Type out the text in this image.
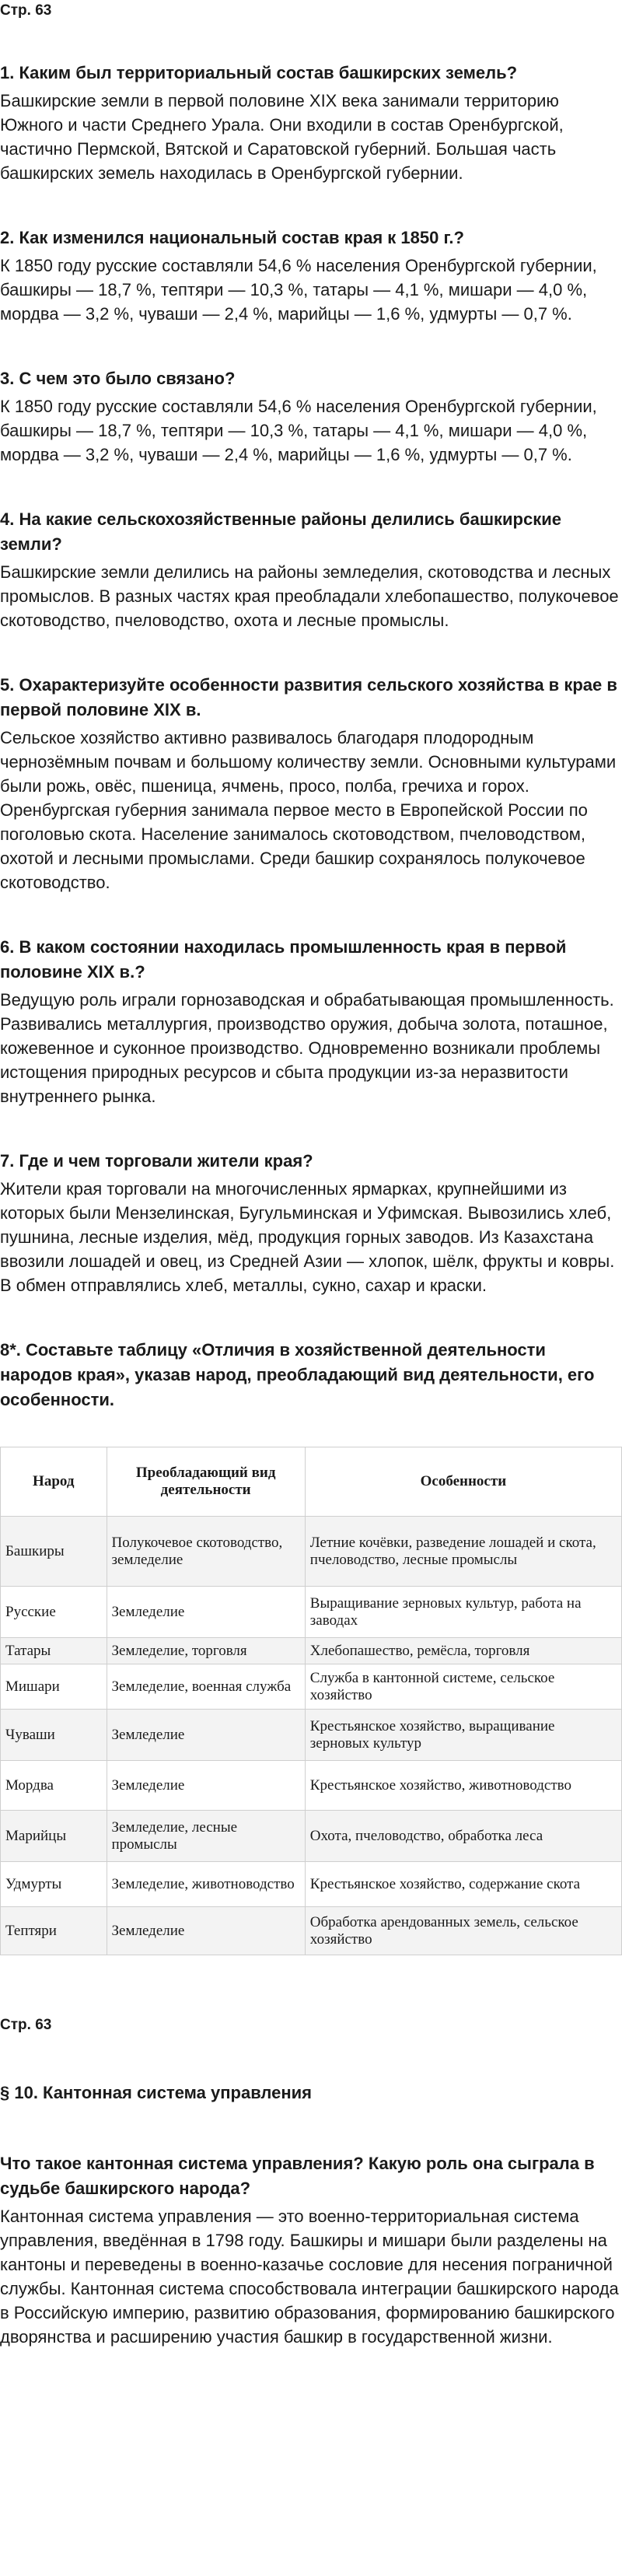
Стр. 63

1. Каким был территориальный состав башкирских земель?

Башкирские земли в первой половине XIX века занимали территорию Южного и части Среднего Урала. Они входили в состав Оренбургской, частично Пермской, Вятской и Саратовской губерний. Большая часть башкирских земель находилась в Оренбургской губернии.

2. Как изменился национальный состав края к 1850 г.?

К 1850 году русские составляли 54,6 % населения Оренбургской губернии, башкиры — 18,7 %, тептяри — 10,3 %, татары — 4,1 %, мишари — 4,0 %, мордва — 3,2 %, чуваши — 2,4 %, марийцы — 1,6 %, удмурты — 0,7 %.

3. С чем это было связано?

К 1850 году русские составляли 54,6 % населения Оренбургской губернии, башкиры — 18,7 %, тептяри — 10,3 %, татары — 4,1 %, мишари — 4,0 %, мордва — 3,2 %, чуваши — 2,4 %, марийцы — 1,6 %, удмурты — 0,7 %.

4. На какие сельскохозяйственные районы делились башкирские земли?

Башкирские земли делились на районы земледелия, скотоводства и лесных промыслов. В разных частях края преобладали хлебопашество, полукочевое скотоводство, пчеловодство, охота и лесные промыслы.

5. Охарактеризуйте особенности развития сельского хозяйства в крае в первой половине XIX в.

Сельское хозяйство активно развивалось благодаря плодородным чернозёмным почвам и большому количеству земли. Основными культурами были рожь, овёс, пшеница, ячмень, просо, полба, гречиха и горох. Оренбургская губерния занимала первое место в Европейской России по поголовью скота. Население занималось скотоводством, пчеловодством, охотой и лесными промыслами. Среди башкир сохранялось полукочевое скотоводство.

6. В каком состоянии находилась промышленность края в первой половине XIX в.?

Ведущую роль играли горнозаводская и обрабатывающая промышленность. Развивались металлургия, производство оружия, добыча золота, поташное, кожевенное и суконное производство. Одновременно возникали проблемы истощения природных ресурсов и сбыта продукции из-за неразвитости внутреннего рынка.

7. Где и чем торговали жители края?

Жители края торговали на многочисленных ярмарках, крупнейшими из которых были Мензелинская, Бугульминская и Уфимская. Вывозились хлеб, пушнина, лесные изделия, мёд, продукция горных заводов. Из Казахстана ввозили лошадей и овец, из Средней Азии — хлопок, шёлк, фрукты и ковры. В обмен отправлялись хлеб, металлы, сукно, сахар и краски.

8*. Составьте таблицу «Отличия в хозяйственной деятельности народов края», указав народ, преобладающий вид деятельности, его особенности.

Народ	Преобладающий вид деятельности	Особенности
Башкиры	Полукочевое скотоводство, земледелие	Летние кочёвки, разведение лошадей и скота, пчеловодство, лесные промыслы
Русские	Земледелие	Выращивание зерновых культур, работа на заводах
Татары	Земледелие, торговля	Хлебопашество, ремёсла, торговля
Мишари	Земледелие, военная служба	Служба в кантонной системе, сельское хозяйство
Чуваши	Земледелие	Крестьянское хозяйство, выращивание зерновых культур
Мордва	Земледелие	Крестьянское хозяйство, животноводство
Марийцы	Земледелие, лесные промыслы	Охота, пчеловодство, обработка леса
Удмурты	Земледелие, животноводство	Крестьянское хозяйство, содержание скота
Тептяри	Земледелие	Обработка арендованных земель, сельское хозяйство

Стр. 63

§ 10. Кантонная система управления

Что такое кантонная система управления? Какую роль она сыграла в судьбе башкирского народа?

Кантонная система управления — это военно-территориальная система управления, введённая в 1798 году. Башкиры и мишари были разделены на кантоны и переведены в военно-казачье сословие для несения пограничной службы. Кантонная система способствовала интеграции башкирского народа в Российскую империю, развитию образования, формированию башкирского дворянства и расширению участия башкир в государственной жизни.
